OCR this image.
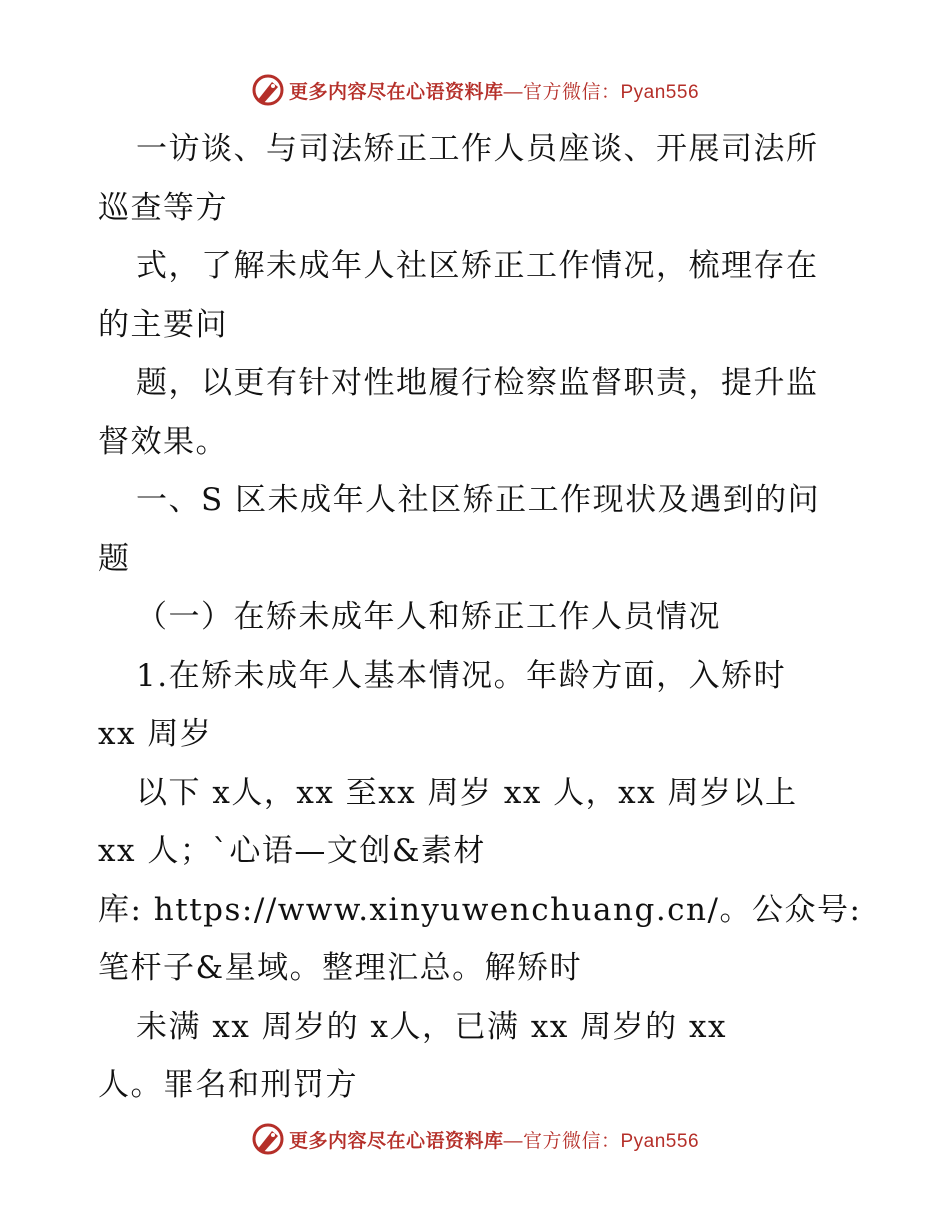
更多内容尽在心语资料库—官方微信：Pyan556
一访谈、与司法矫正工作人员座谈、开展司法所
巡查等方
式，了解未成年人社区矫正工作情况，梳理存在
的主要问
题，以更有针对性地履行检察监督职责，提升监
督效果。
一、S 区未成年人社区矫正工作现状及遇到的问
题
（一）在矫未成年人和矫正工作人员情况
1.在矫未成年人基本情况。年龄方面，入矫时
xx 周岁
以下 x人，xx 至xx 周岁 xx 人，xx 周岁以上
xx 人；`心语—文创&素材
库: https://www.xinyuwenchuang.cn/。公众号:
笔杆子&星域。整理汇总。解矫时
未满 xx 周岁的 x人，已满 xx 周岁的 xx
人。罪名和刑罚方
更多内容尽在心语资料库—官方微信：Pyan556
